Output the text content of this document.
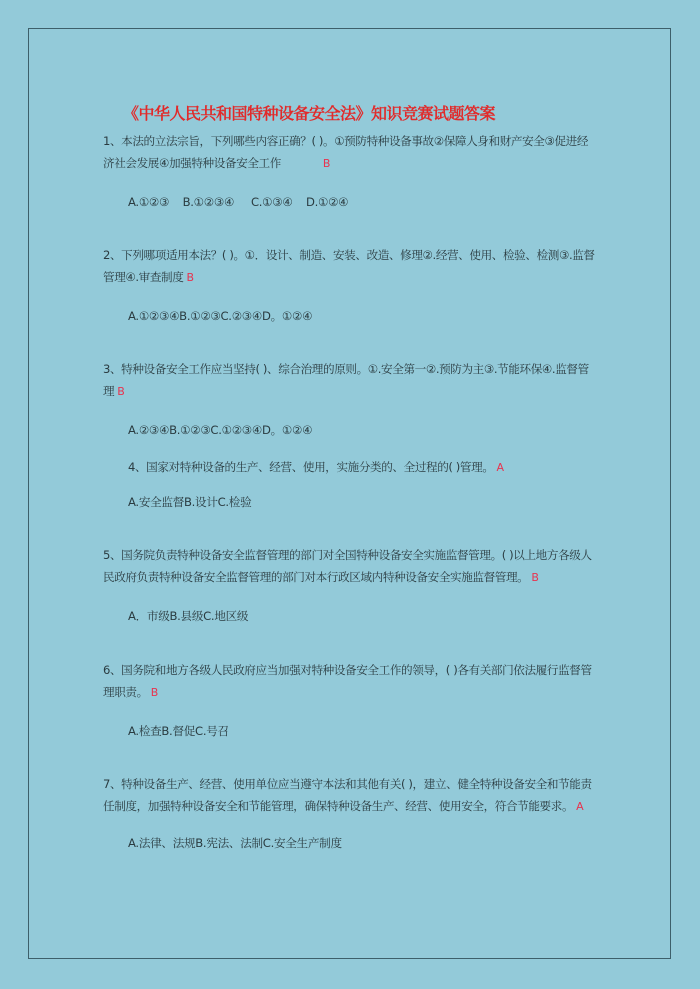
《中华人民共和国特种设备安全法》知识竞赛试题答案
1、本法的立法宗旨，下列哪些内容正确？( )。①预防特种设备事故②保障人身和财产安全③促进经济社会发展④加强特种设备安全工作	B
A.①②③    B.①②③④     C.①③④    D.①②④
2、下列哪项适用本法？( )。①．设计、制造、安装、改造、修理②.经营、使用、检验、检测③.监督管理④.审查制度 B
A.①②③④B.①②③C.②③④D。①②④
3、特种设备安全工作应当坚持( )、综合治理的原则。①.安全第一②.预防为主③.节能环保④.监督管理 B
A.②③④B.①②③C.①②③④D。①②④
4、国家对特种设备的生产、经营、使用，实施分类的、全过程的( )管理。 A
A.安全监督B.设计C.检验
5、国务院负责特种设备安全监督管理的部门对全国特种设备安全实施监督管理。( )以上地方各级人民政府负责特种设备安全监督管理的部门对本行政区域内特种设备安全实施监督管理。 B
A．市级B.县级C.地区级
6、国务院和地方各级人民政府应当加强对特种设备安全工作的领导，( )各有关部门依法履行监督管理职责。 B
A.检查B.督促C.号召
7、特种设备生产、经营、使用单位应当遵守本法和其他有关( )，建立、健全特种设备安全和节能责任制度，加强特种设备安全和节能管理，确保特种设备生产、经营、使用安全，符合节能要求。 A
A.法律、法规B.宪法、法制C.安全生产制度
